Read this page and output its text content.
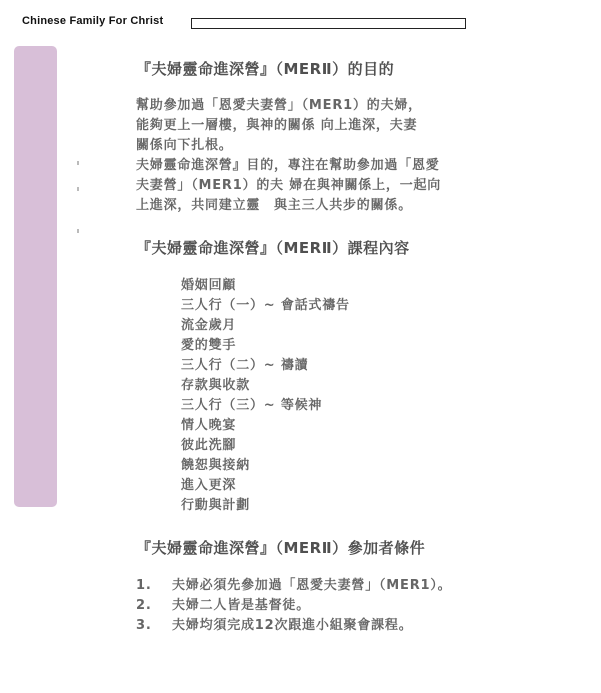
Chinese Family For Christ
『夫婦靈命進深營』（MERⅡ）的目的

幫助參加過「恩愛夫妻營」（MER1）的夫婦，

能夠更上一層樓，與神的關係 向上進深，夫妻

關係向下扎根。

夫婦靈命進深營』目的，專注在幫助參加過「恩愛

夫妻營」（MER1）的夫 婦在與神關係上，一起向

上進深，共同建立靈　與主三人共步的關係。

『夫婦靈命進深營』（MERⅡ）課程內容
婚姻回顧
三人行（一）~ 會話式禱告
流金歲月
愛的雙手
三人行（二）~ 禱讀
存款與收款
三人行（三）~ 等候神
情人晚宴
彼此洗腳
饒恕與接納
進入更深
行動與計劃
『夫婦靈命進深營』（MERⅡ）參加者條件
1. 夫婦必須先參加過「恩愛夫妻營」（MER1）。
2. 夫婦二人皆是基督徒。
3. 夫婦均須完成12次跟進小組聚會課程。
